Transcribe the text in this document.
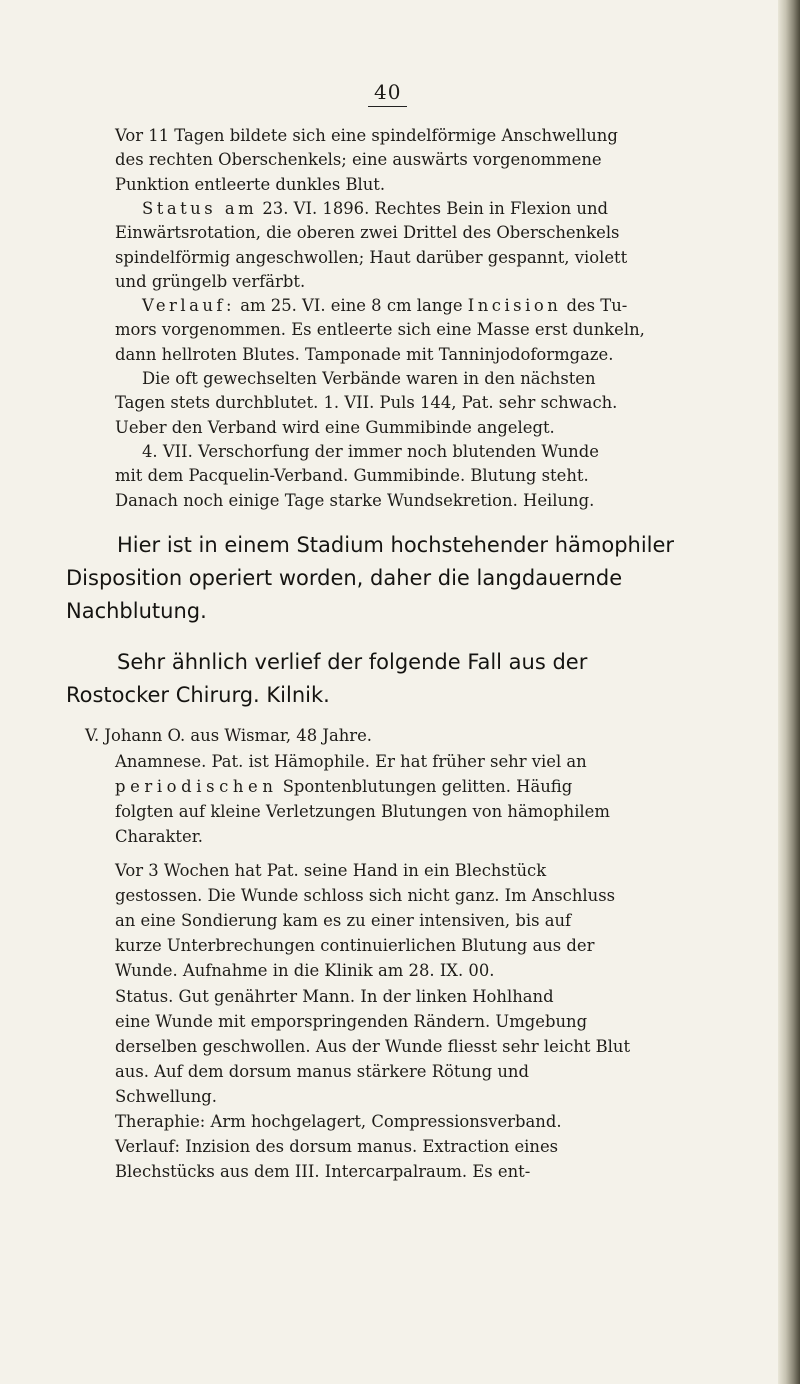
40
Vor 11 Tagen bildete sich eine spindelförmige Anschwellung
des rechten Oberschenkels; eine auswärts vorgenommene
Punktion entleerte dunkles Blut.
Status am 23. VI. 1896. Rechtes Bein in Flexion und
Einwärtsrotation, die oberen zwei Drittel des Oberschenkels
spindelförmig angeschwollen; Haut darüber gespannt, violett
und grüngelb verfärbt.
Verlauf: am 25. VI. eine 8 cm lange Incision des Tu-
mors vorgenommen. Es entleerte sich eine Masse erst dunkeln,
dann hellroten Blutes. Tamponade mit Tanninjodoformgaze.
Die oft gewechselten Verbände waren in den nächsten
Tagen stets durchblutet. 1. VII. Puls 144, Pat. sehr schwach.
Ueber den Verband wird eine Gummibinde angelegt.
4. VII. Verschorfung der immer noch blutenden Wunde
mit dem Pacquelin-Verband. Gummibinde. Blutung steht.
Danach noch einige Tage starke Wundsekretion. Heilung.
Hier ist in einem Stadium hochstehender hämophiler
Disposition operiert worden, daher die langdauernde
Nachblutung.
Sehr ähnlich verlief der folgende Fall aus der
Rostocker Chirurg. Kilnik.
V. Johann O. aus Wismar, 48 Jahre.
Anamnese. Pat. ist Hämophile. Er hat früher sehr viel an
periodischen Spontenblutungen gelitten. Häufig
folgten auf kleine Verletzungen Blutungen von hämophilem
Charakter.
Vor 3 Wochen hat Pat. seine Hand in ein Blechstück
gestossen. Die Wunde schloss sich nicht ganz. Im Anschluss
an eine Sondierung kam es zu einer intensiven, bis auf
kurze Unterbrechungen continuierlichen Blutung aus der
Wunde. Aufnahme in die Klinik am 28. IX. 00.
Status. Gut genährter Mann. In der linken Hohlhand
eine Wunde mit emporspringenden Rändern. Umgebung
derselben geschwollen. Aus der Wunde fliesst sehr leicht Blut
aus. Auf dem dorsum manus stärkere Rötung und
Schwellung.
Theraphie: Arm hochgelagert, Compressionsverband.
Verlauf: Inzision des dorsum manus. Extraction eines
Blechstücks aus dem III. Intercarpalraum. Es ent-
